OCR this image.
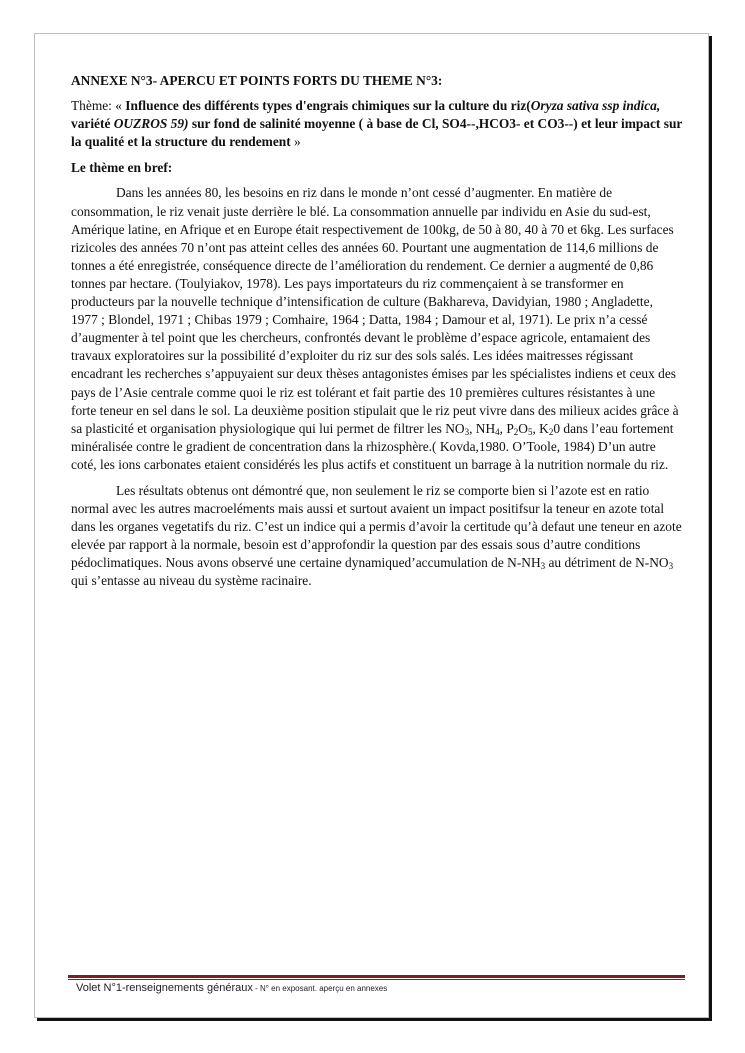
ANNEXE N°3- APERCU ET POINTS FORTS DU THEME N°3:

Thème: « Influence des différents types d'engrais chimiques sur la culture du riz(Oryza sativa ssp indica, variété OUZROS 59) sur fond de salinité moyenne ( à base de Cl, SO4--,HCO3- et CO3--) et leur impact sur la qualité et la structure du rendement »

Le thème en bref:

Dans les années 80, les besoins en riz dans le monde n’ont cessé d’augmenter. En matière de consommation, le riz venait juste derrière le blé. La consommation annuelle par individu en Asie du sud-est, Amérique latine, en Afrique et en Europe était respectivement de 100kg, de 50 à 80, 40 à 70 et 6kg. Les surfaces rizicoles des années 70 n’ont pas atteint celles des années 60. Pourtant une augmentation de 114,6 millions de tonnes a été enregistrée, conséquence directe de l’amélioration du rendement. Ce dernier a augmenté de 0,86 tonnes par hectare. (Toulyiakov, 1978). Les pays importateurs du riz commençaient à se transformer en producteurs par la nouvelle technique d’intensification de culture (Bakhareva, Davidyian, 1980 ; Angladette, 1977 ; Blondel, 1971 ; Chibas 1979 ; Comhaire, 1964 ; Datta, 1984 ; Damour et al, 1971). Le prix n’a cessé d’augmenter à tel point que les chercheurs, confrontés devant le problème d’espace agricole, entamaient des travaux exploratoires sur la possibilité d’exploiter du riz sur des sols salés. Les idées maitresses régissant encadrant les recherches s’appuyaient sur deux thèses antagonistes émises par les spécialistes indiens et ceux des pays de l’Asie centrale comme quoi le riz est tolérant et fait partie des 10 premières cultures résistantes à une forte teneur en sel dans le sol. La deuxième position stipulait que le riz peut vivre dans des milieux acides grâce à sa plasticité et organisation physiologique qui lui permet de filtrer les $NO_3$, $NH_4$, $P_2O_5$, $K_20$ dans l’eau fortement minéralisée contre le gradient de concentration dans la rhizosphère.( Kovda,1980. O’Toole, 1984) D’un autre coté, les ions carbonates etaient considérés les plus actifs et constituent un barrage à la nutrition normale du riz.

Les résultats obtenus ont démontré que, non seulement le riz se comporte bien si l’azote est en ratio normal avec les autres macroeléments mais aussi et surtout avaient un impact positifsur la teneur en azote total dans les organes vegetatifs du riz. C’est un indice qui a permis d’avoir la certitude qu’à defaut une teneur en azote elevée par rapport à la normale, besoin est d’approfondir la question par des essais sous d’autre conditions pédoclimatiques. Nous avons observé une certaine dynamiqued’accumulation de $N-NH_3$ au détriment de $N-NO_3$ qui s’entasse au niveau du système racinaire.

Volet N°1-renseignements généraux - N° en exposant. aperçu en annexes
